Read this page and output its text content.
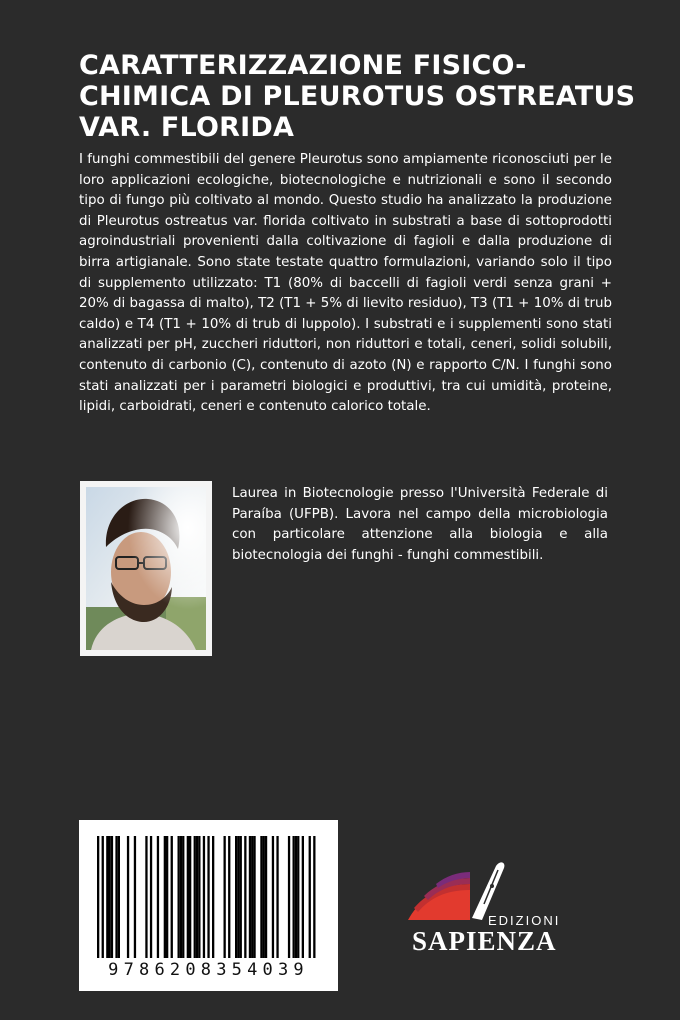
CARATTERIZZAZIONE FISICO-CHIMICA DI PLEUROTUS OSTREATUS VAR. FLORIDA

I funghi commestibili del genere Pleurotus sono ampiamente riconosciuti per le loro applicazioni ecologiche, biotecnologiche e nutrizionali e sono il secondo tipo di fungo più coltivato al mondo. Questo studio ha analizzato la produzione di Pleurotus ostreatus var. florida coltivato in substrati a base di sottoprodotti agroindustriali provenienti dalla coltivazione di fagioli e dalla produzione di birra artigianale. Sono state testate quattro formulazioni, variando solo il tipo di supplemento utilizzato: T1 (80% di baccelli di fagioli verdi senza grani + 20% di bagassa di malto), T2 (T1 + 5% di lievito residuo), T3 (T1 + 10% di trub caldo) e T4 (T1 + 10% di trub di luppolo). I substrati e i supplementi sono stati analizzati per pH, zuccheri riduttori, non riduttori e totali, ceneri, solidi solubili, contenuto di carbonio (C), contenuto di azoto (N) e rapporto C/N. I funghi sono stati analizzati per i parametri biologici e produttivi, tra cui umidità, proteine, lipidi, carboidrati, ceneri e contenuto calorico totale.

Laurea in Biotecnologie presso l'Università Federale di Paraíba (UFPB). Lavora nel campo della microbiologia con particolare attenzione alla biologia e alla biotecnologia dei funghi - funghi commestibili.

9786208354039
EDIZIONI
SAPIENZA
